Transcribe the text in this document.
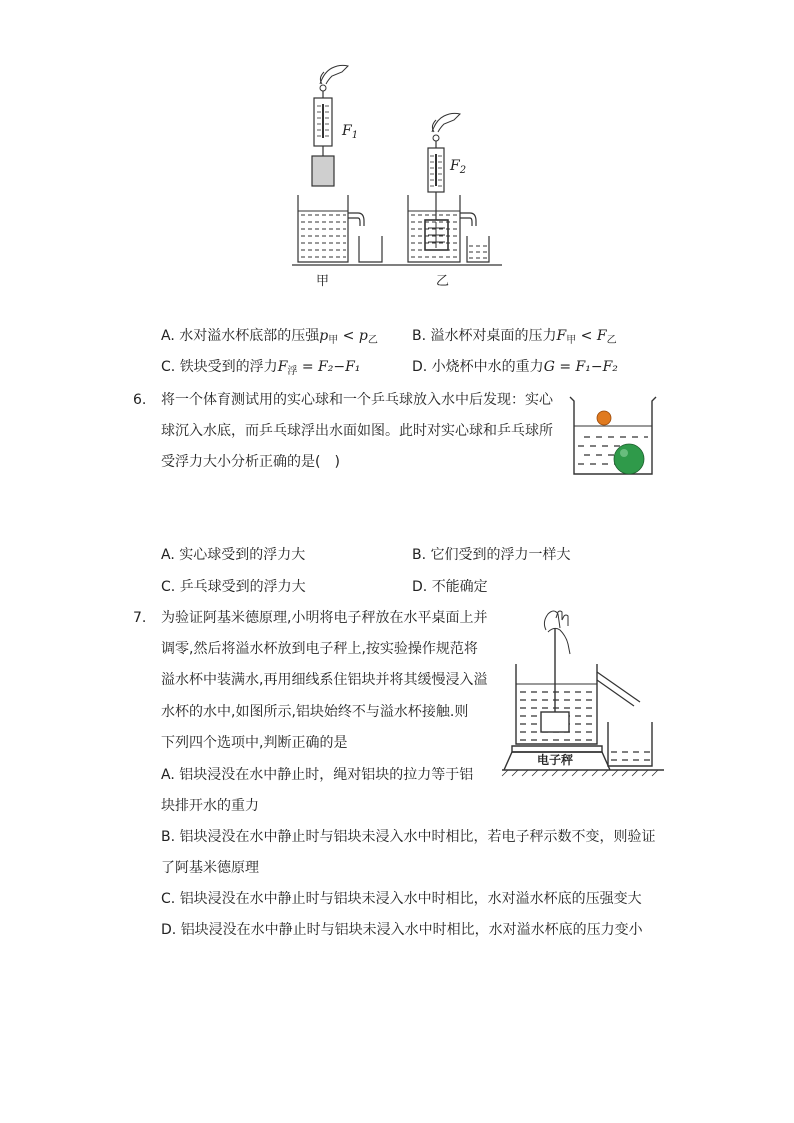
$F_1$
$F_2$
甲	乙
A. 水对溢水杯底部的压强$p_甲 < p_乙$ B. 溢水杯对桌面的压力$F_甲 < F_乙$
C. 铁块受到的浮力$F_浮 = F_2-F_1$	D. 小烧杯中水的重力G = F₁−F₂
6. 将一个体育测试用的实心球和一个乒乓球放入水中后发现：实心
球沉入水底，而乒乓球浮出水面如图。此时对实心球和乒乓球所
受浮力大小分析正确的是(　)
A. 实心球受到的浮力大	B. 它们受到的浮力一样大
C. 乒乓球受到的浮力大	D. 不能确定
7. 为验证阿基米德原理,小明将电子秤放在水平桌面上并
调零,然后将溢水杯放到电子秤上,按实验操作规范将
溢水杯中装满水,再用细线系住铝块并将其缓慢浸入溢
水杯的水中,如图所示,铝块始终不与溢水杯接触.则
下列四个选项中,判断正确的是
电子秤
A. 铝块浸没在水中静止时，绳对铝块的拉力等于铝
块排开水的重力
B. 铝块浸没在水中静止时与铝块未浸入水中时相比，若电子秤示数不变，则验证
了阿基米德原理
C. 铝块浸没在水中静止时与铝块未浸入水中时相比，水对溢水杯底的压强变大
D. 铝块浸没在水中静止时与铝块未浸入水中时相比，水对溢水杯底的压力变小
